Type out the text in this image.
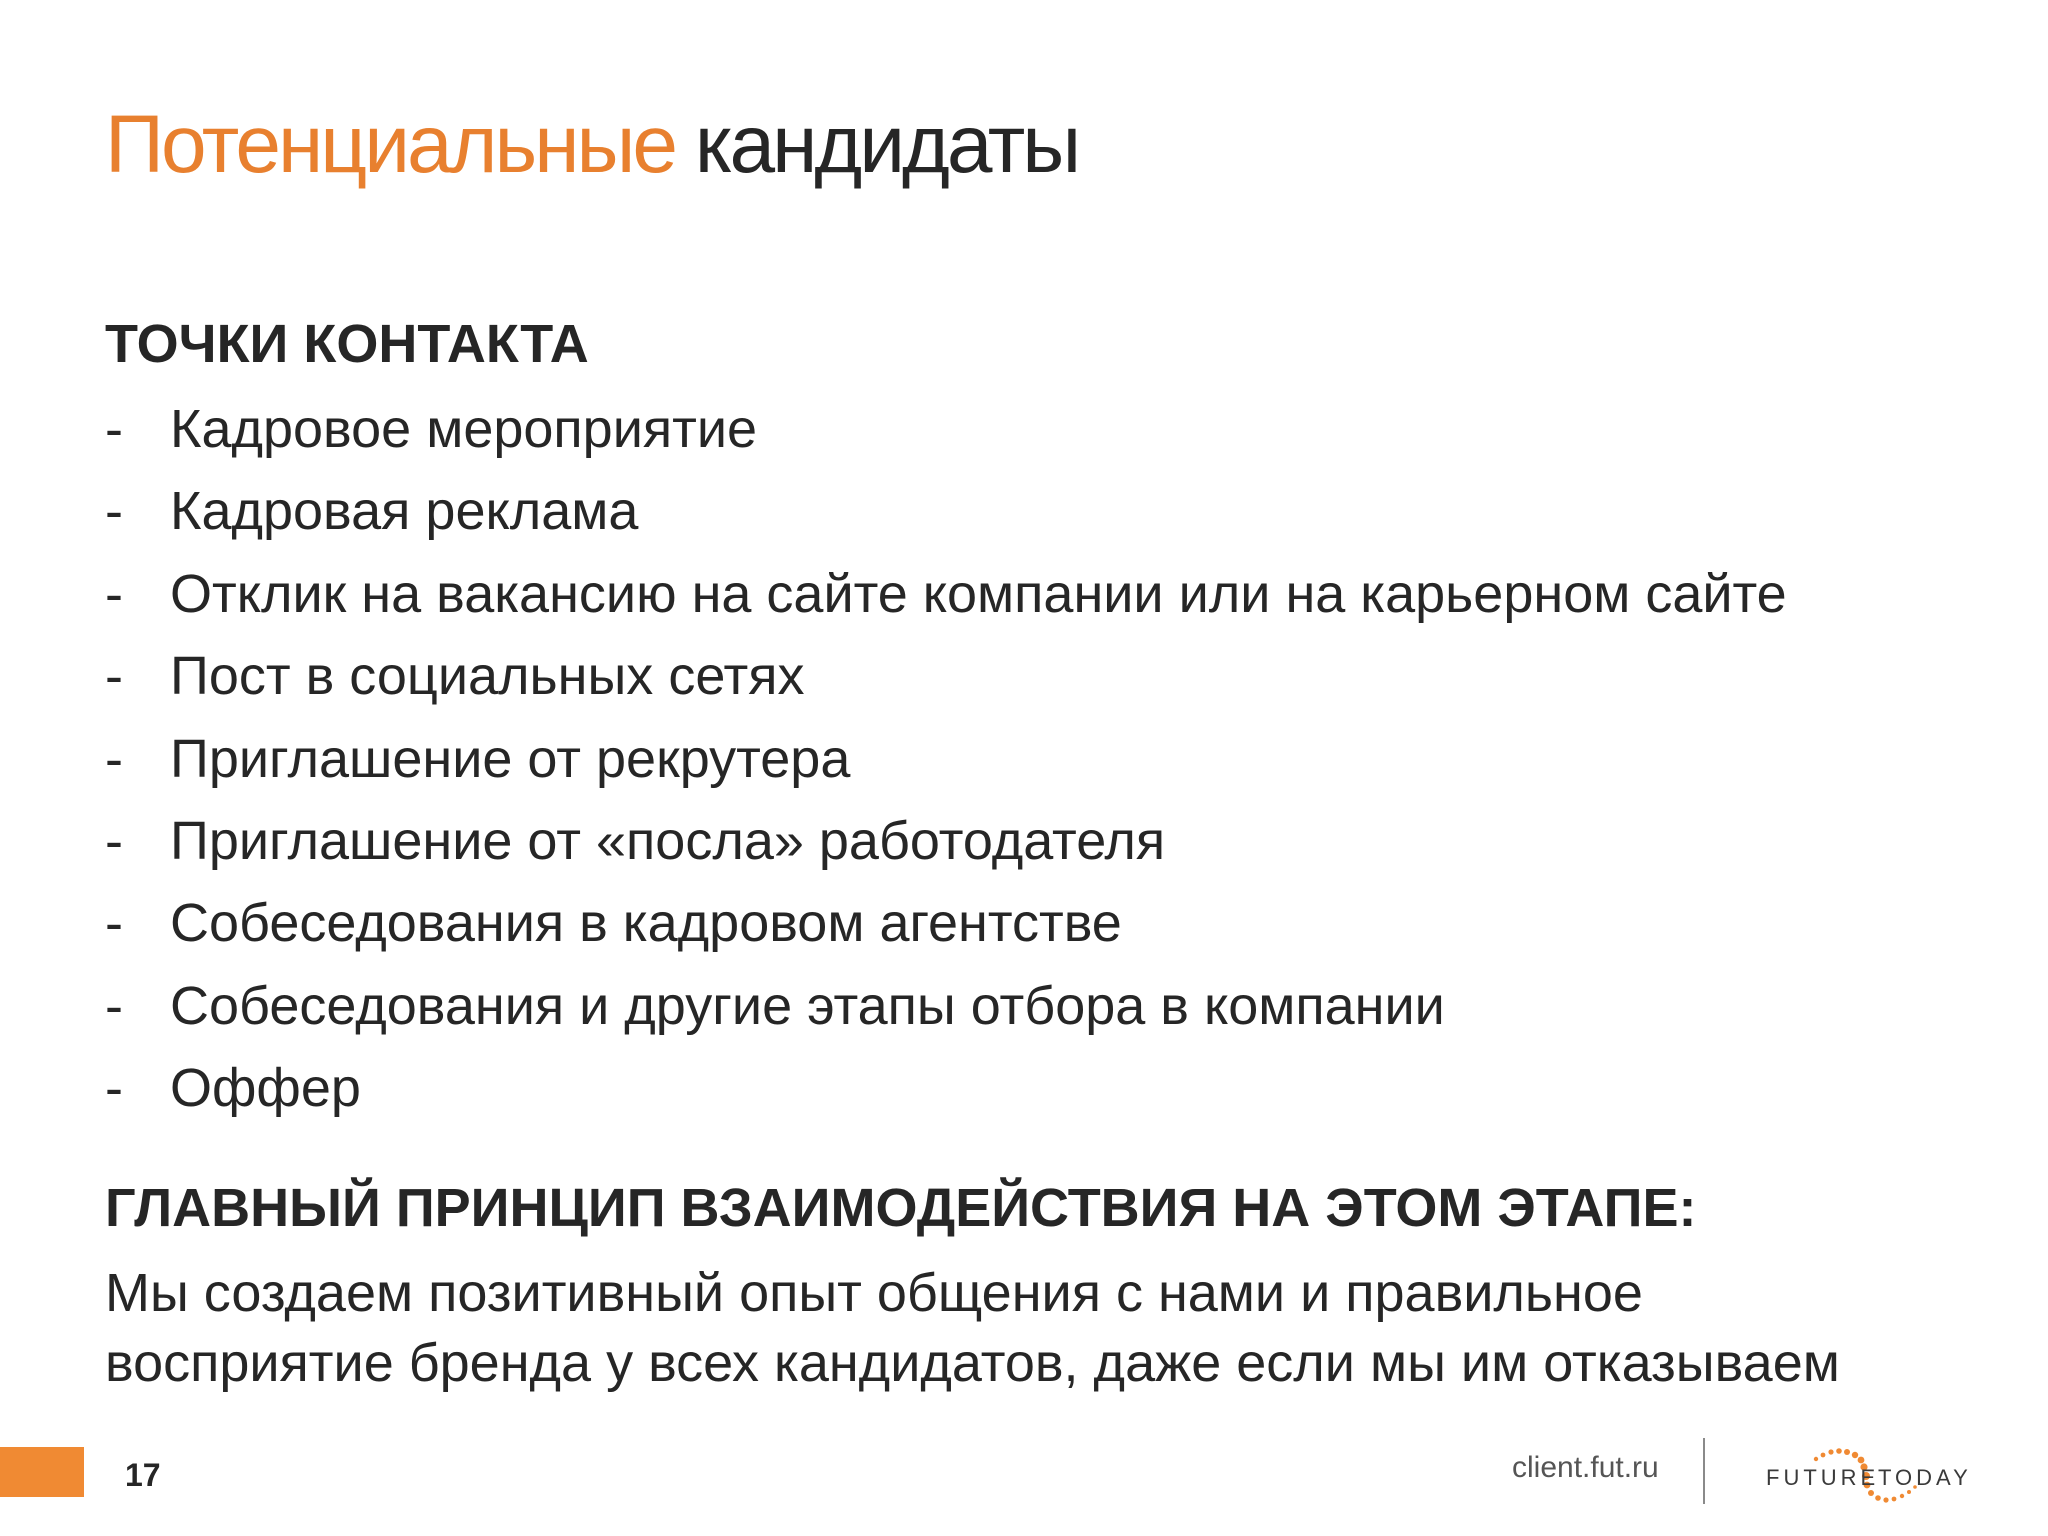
Потенциальные кандидаты
ТОЧКИ КОНТАКТА
- Кадровое мероприятие
- Кадровая реклама
- Отклик на вакансию на сайте компании или на карьерном сайте
- Пост в социальных сетях
- Приглашение от рекрутера
- Приглашение от «посла» работодателя
- Собеседования в кадровом агентстве
- Собеседования и другие этапы отбора в компании
- Оффер
ГЛАВНЫЙ ПРИНЦИП ВЗАИМОДЕЙСТВИЯ НА ЭТОМ ЭТАПЕ:

Мы создаем позитивный опыт общения с нами и правильное
восприятие бренда у всех кандидатов, даже если мы им отказываем

17	client.fut.ru	FUTURE
TODAY
